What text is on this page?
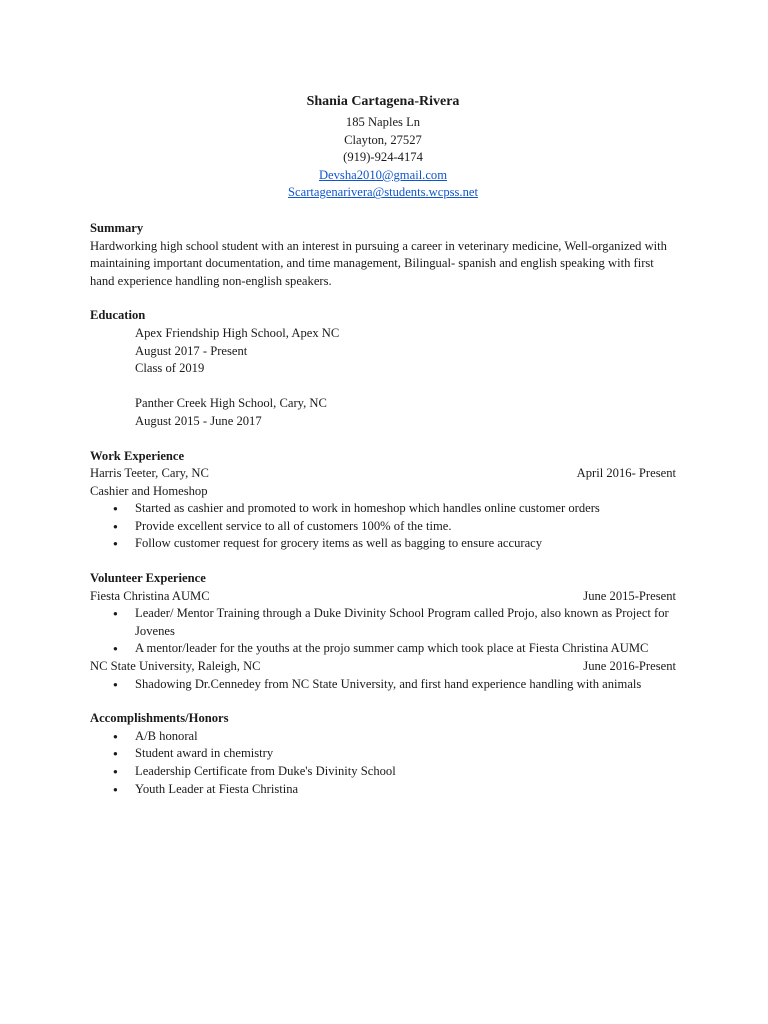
Shania Cartagena-Rivera
185 Naples Ln
Clayton, 27527
(919)-924-4174
Devsha2010@gmail.com
Scartagenarivera@students.wcpss.net
Summary
Hardworking high school student with an interest in pursuing a career in veterinary medicine, Well-organized with maintaining important documentation, and time management, Bilingual- spanish and english speaking with first hand experience handling non-english speakers.
Education
Apex Friendship High School, Apex NC
August 2017 - Present
Class of 2019
Panther Creek High School, Cary, NC
August 2015 - June 2017
Work Experience
Harris Teeter, Cary, NC	April 2016- Present
Cashier and Homeshop
● Started as cashier and promoted to work in homeshop which handles online customer orders
● Provide excellent service to all of customers 100% of the time.
● Follow customer request for grocery items as well as bagging to ensure accuracy
Volunteer Experience
Fiesta Christina AUMC	June 2015-Present
● Leader/ Mentor Training through a Duke Divinity School Program called Projo, also known as Project for Jovenes
● A mentor/leader for the youths at the projo summer camp which took place at Fiesta Christina AUMC
NC State University, Raleigh, NC	June 2016-Present
● Shadowing Dr.Cennedey from NC State University, and first hand experience handling with animals
Accomplishments/Honors
● A/B honoral
● Student award in chemistry
● Leadership Certificate from Duke's Divinity School
● Youth Leader at Fiesta Christina
